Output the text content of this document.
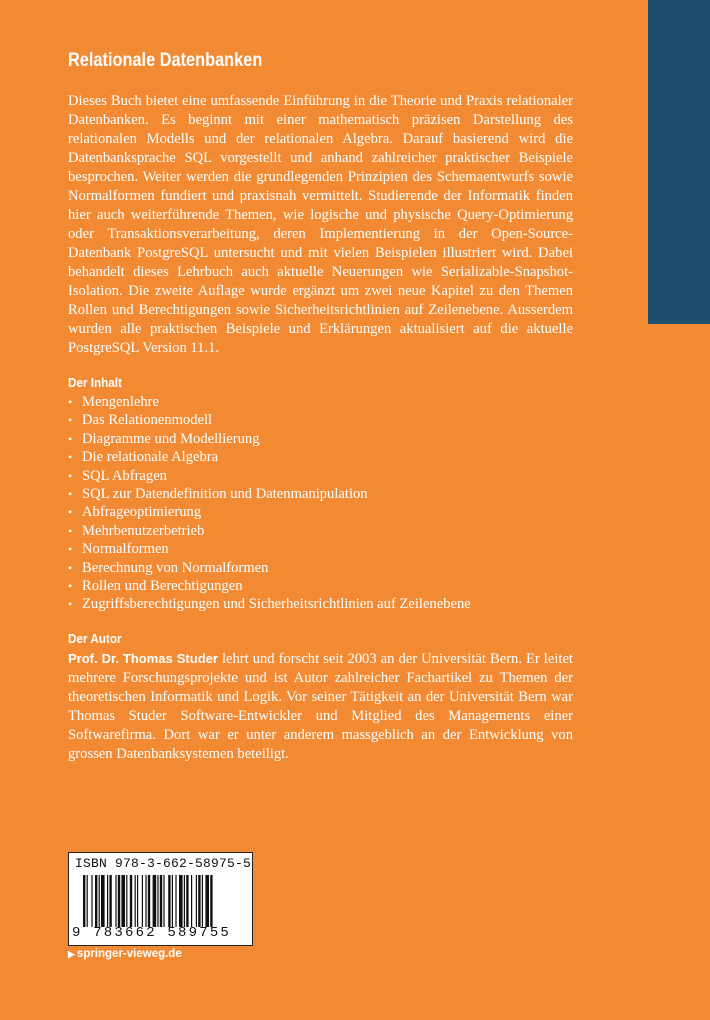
Relationale Datenbanken

Dieses Buch bietet eine umfassende Einführung in die Theorie und Praxis relationaler Datenbanken. Es beginnt mit einer mathematisch präzisen Darstellung des relationalen Modells und der relationalen Algebra. Darauf basierend wird die Datenbanksprache SQL vorgestellt und anhand zahlreicher praktischer Beispiele besprochen. Weiter werden die grundlegenden Prinzipien des Schemaentwurfs sowie Normalformen fundiert und praxisnah vermittelt. Studierende der Informatik finden hier auch weiterführende Themen, wie logische und physische Query-Optimierung oder Transaktionsverarbeitung, deren Implementierung in der Open-Source-Datenbank PostgreSQL untersucht und mit vielen Beispielen illustriert wird. Dabei behandelt dieses Lehrbuch auch aktuelle Neuerungen wie Serializable-Snapshot-Isolation. Die zweite Auflage wurde ergänzt um zwei neue Kapitel zu den Themen Rollen und Berechtigungen sowie Sicherheitsrichtlinien auf Zeilenebene. Ausserdem wurden alle praktischen Beispiele und Erklärungen aktualisiert auf die aktuelle PostgreSQL Version 11.1.

Der Inhalt
• Mengenlehre
• Das Relationenmodell
• Diagramme und Modellierung
• Die relationale Algebra
• SQL Abfragen
• SQL zur Datendefinition und Datenmanipulation
• Abfrageoptimierung
• Mehrbenutzerbetrieb
• Normalformen
• Berechnung von Normalformen
• Rollen und Berechtigungen
• Zugriffsberechtigungen und Sicherheitsrichtlinien auf Zeilenebene
Der Autor

Prof. Dr. Thomas Studer lehrt und forscht seit 2003 an der Universität Bern. Er leitet mehrere Forschungsprojekte und ist Autor zahlreicher Fachartikel zu Themen der theoretischen Informatik und Logik. Vor seiner Tätigkeit an der Universität Bern war Thomas Studer Software-Entwickler und Mitglied des Managements einer Softwarefirma. Dort war er unter anderem massgeblich an der Entwicklung von grossen Datenbanksystemen beteiligt.

ISBN 978-3-662-58975-5
9 783662 589755
▶ springer-vieweg.de
